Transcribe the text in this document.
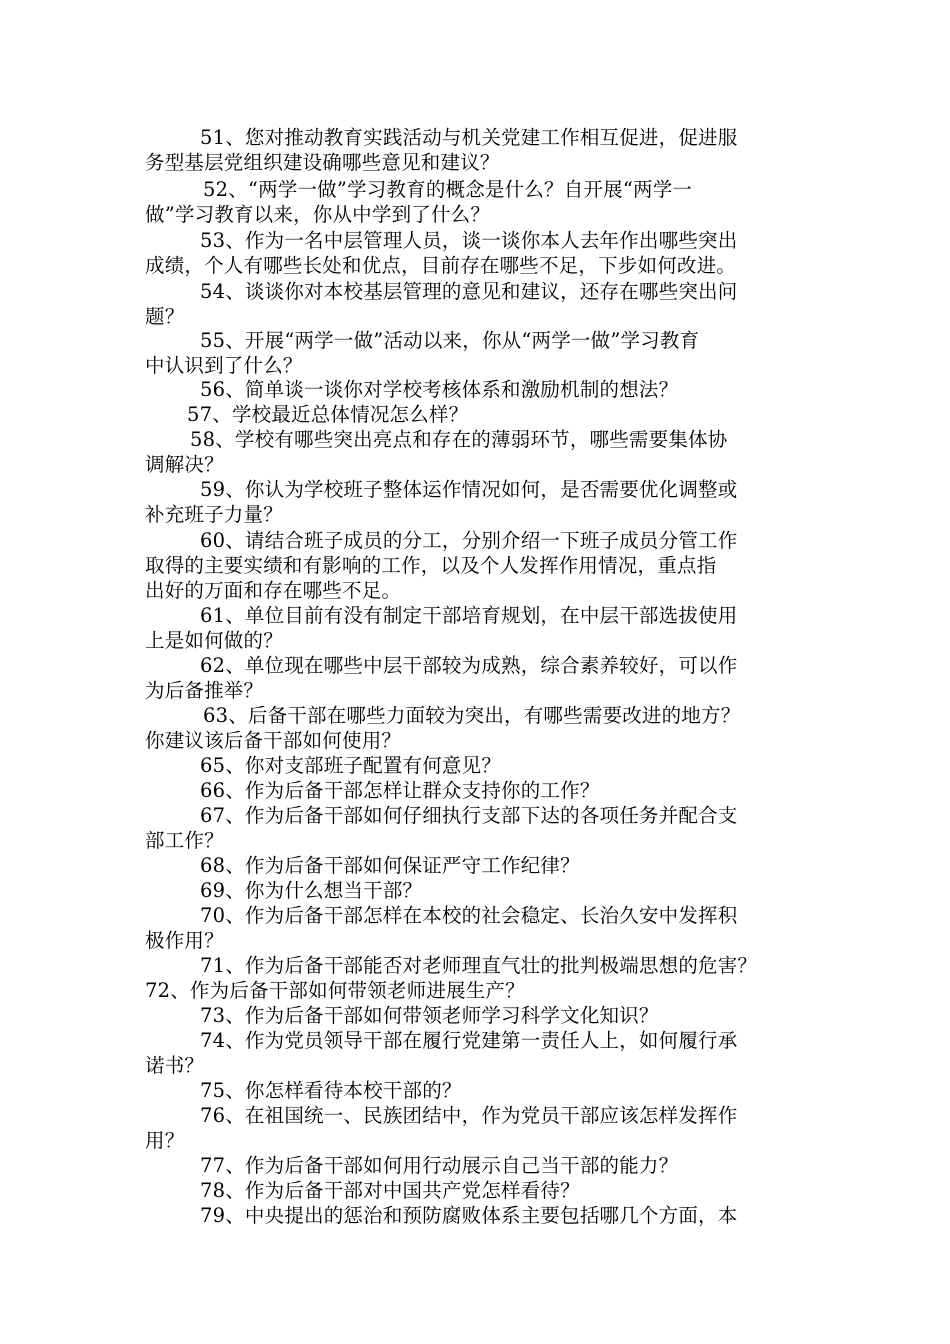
51、您对推动教育实践活动与机关党建工作相互促进，促进服
务型基层党组织建设确哪些意见和建议？
52、“两学一做”学习教育的概念是什么？自开展“两学一
做”学习教育以来，你从中学到了什么？
53、作为一名中层管理人员，谈一谈你本人去年作出哪些突出
成绩，个人有哪些长处和优点，目前存在哪些不足，下步如何改进。
54、谈谈你对本校基层管理的意见和建议，还存在哪些突出问
题？
55、开展“两学一做”活动以来，你从“两学一做”学习教育
中认识到了什么？
56、简单谈一谈你对学校考核体系和激励机制的想法？
57、学校最近总体情况怎么样？
58、学校有哪些突出亮点和存在的薄弱环节，哪些需要集体协
调解决？
59、你认为学校班子整体运作情况如何，是否需要优化调整或
补充班子力量？
60、请结合班子成员的分工，分别介绍一下班子成员分管工作
取得的主要实绩和有影响的工作，以及个人发挥作用情况，重点指
出好的万面和存在哪些不足。
61、单位目前有没有制定干部培育规划，在中层干部选拔使用
上是如何做的？
62、单位现在哪些中层干部较为成熟，综合素养较好，可以作
为后备推举？
63、后备干部在哪些力面较为突出，有哪些需要改进的地方？
你建议该后备干部如何使用？
65、你对支部班子配置有何意见？
66、作为后备干部怎样让群众支持你的工作？
67、作为后备干部如何仔细执行支部下达的各项任务并配合支
部工作？
68、作为后备干部如何保证严守工作纪律？
69、你为什么想当干部？
70、作为后备干部怎样在本校的社会稳定、长治久安中发挥积
极作用？
71、作为后备干部能否对老师理直气壮的批判极端思想的危害？
72、作为后备干部如何带领老师进展生产？
73、作为后备干部如何带领老师学习科学文化知识？
74、作为党员领导干部在履行党建第一责任人上，如何履行承
诺书？
75、你怎样看待本校干部的？
76、在祖国统一、民族团结中，作为党员干部应该怎样发挥作
用？
77、作为后备干部如何用行动展示自己当干部的能力？
78、作为后备干部对中国共产党怎样看待？
79、中央提出的惩治和预防腐败体系主要包括哪几个方面，本
